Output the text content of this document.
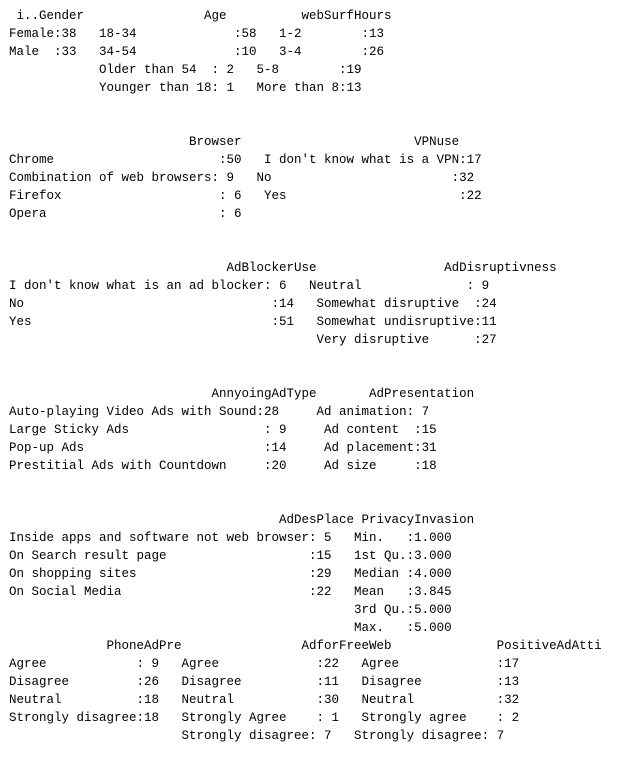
i..Gender                Age          webSurfHours
Female:38   18-34             :58   1-2        :13
Male  :33   34-54             :10   3-4        :26
Older than 54  : 2   5-8        :19
Younger than 18: 1   More than 8:13
Browser                       VPNuse
Chrome                      :50   I don't know what is a VPN:17
Combination of web browsers: 9   No                        :32
Firefox                     : 6   Yes                       :22
Opera                       : 6
AdBlockerUse                 AdDisruptivness
I don't know what is an ad blocker: 6   Neutral              : 9
No                                 :14   Somewhat disruptive  :24
Yes                                :51   Somewhat undisruptive:11
Very disruptive      :27
AnnyoingAdType       AdPresentation
Auto-playing Video Ads with Sound:28     Ad animation: 7
Large Sticky Ads                  : 9     Ad content  :15
Pop-up Ads                        :14     Ad placement:31
Prestitial Ads with Countdown     :20     Ad size     :18
AdDesPlace PrivacyInvasion
Inside apps and software not web browser: 5   Min.   :1.000
On Search result page                   :15   1st Qu.:3.000
On shopping sites                       :29   Median :4.000
On Social Media                         :22   Mean   :3.845
3rd Qu.:5.000
Max.   :5.000
PhoneAdPre                AdforFreeWeb              PositiveAdAtti
Agree            : 9   Agree             :22   Agree             :17
Disagree         :26   Disagree          :11   Disagree          :13
Neutral          :18   Neutral           :30   Neutral           :32
Strongly disagree:18   Strongly Agree    : 1   Strongly agree    : 2
Strongly disagree: 7   Strongly disagree: 7
